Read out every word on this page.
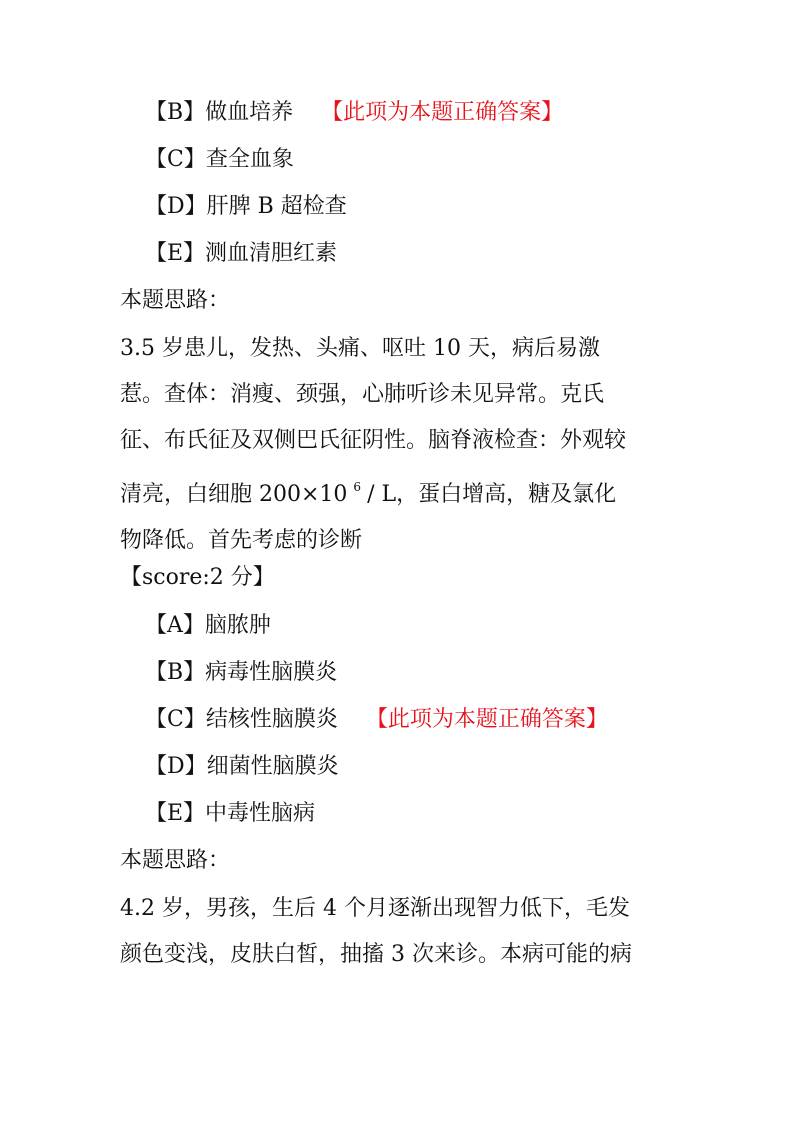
【B】做血培养 【此项为本题正确答案】
【C】查全血象
【D】肝脾 B 超检查
【E】测血清胆红素
本题思路：
3.5 岁患儿，发热、头痛、呕吐 10 天，病后易激
惹。查体：消瘦、颈强，心肺听诊未见异常。克氏
征、布氏征及双侧巴氏征阴性。脑脊液检查：外观较
清亮，白细胞 200×10 $^6$ / L，蛋白增高，糖及氯化
物降低。首先考虑的诊断
【score:2 分】
【A】脑脓肿
【B】病毒性脑膜炎
【C】结核性脑膜炎 【此项为本题正确答案】
【D】细菌性脑膜炎
【E】中毒性脑病
本题思路：
4.2 岁，男孩，生后 4 个月逐渐出现智力低下，毛发
颜色变浅，皮肤白皙，抽搐 3 次来诊。本病可能的病
